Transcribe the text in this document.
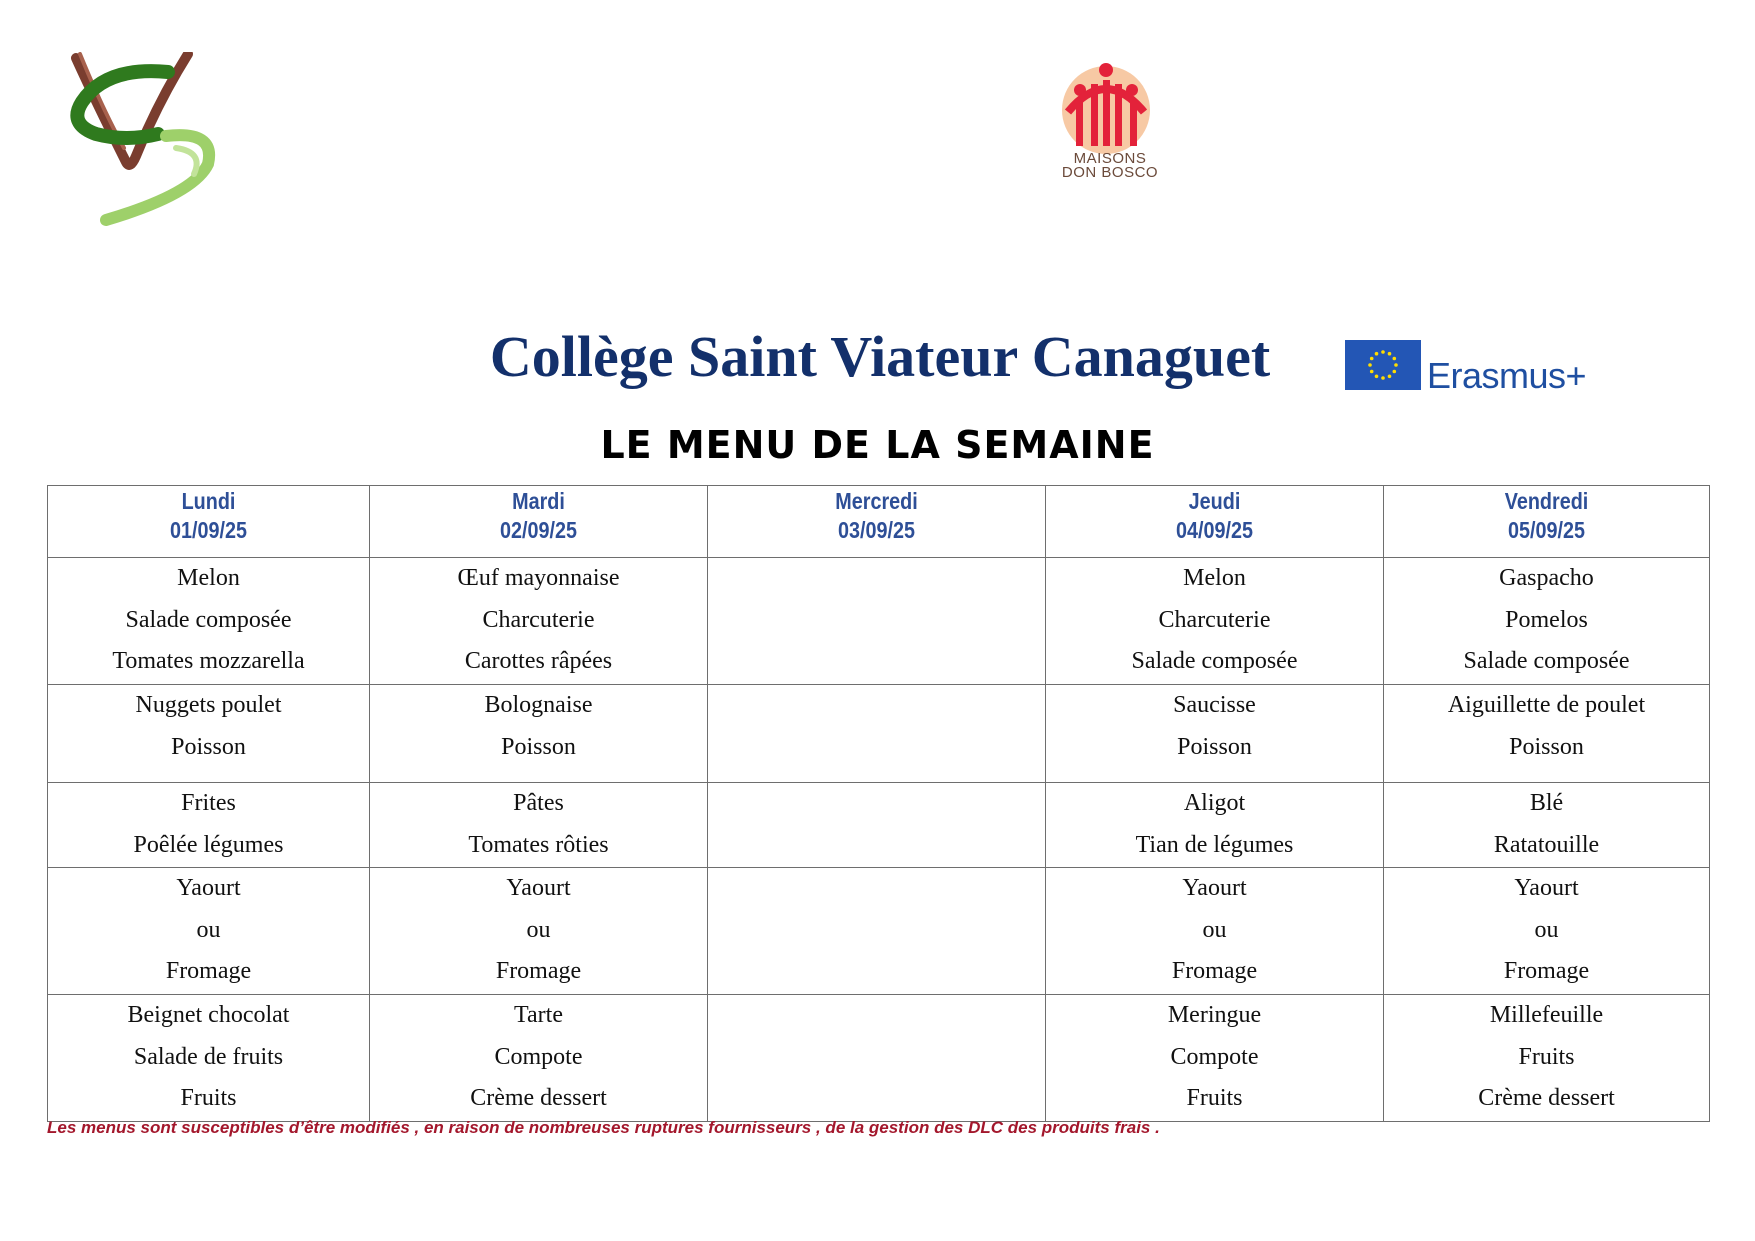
MAISONS
DON BOSCO
Collège Saint Viateur Canaguet	Erasmus+
LE MENU DE LA SEMAINE
Lundi
01/09/25	Mardi
02/09/25	Mercredi
03/09/25	Jeudi
04/09/25	Vendredi
05/09/25

Melon
Salade composée
Tomates mozzarella	Œuf mayonnaise
Charcuterie
Carottes râpées		Melon
Charcuterie
Salade composée	Gaspacho
Pomelos
Salade composée

Nuggets poulet
Poisson	Bolognaise
Poisson		Saucisse
Poisson	Aiguillette de poulet
Poisson

Frites
Poêlée légumes	Pâtes
Tomates rôties		Aligot
Tian de légumes	Blé
Ratatouille

Yaourt
ou
Fromage	Yaourt
ou
Fromage		Yaourt
ou
Fromage	Yaourt
ou
Fromage

Beignet chocolat
Salade de fruits
Fruits	Tarte
Compote
Crème dessert		Meringue
Compote
Fruits	Millefeuille
Fruits
Crème dessert

Les menus sont susceptibles d’être modifiés , en raison de nombreuses ruptures fournisseurs , de la gestion des DLC des produits frais .
